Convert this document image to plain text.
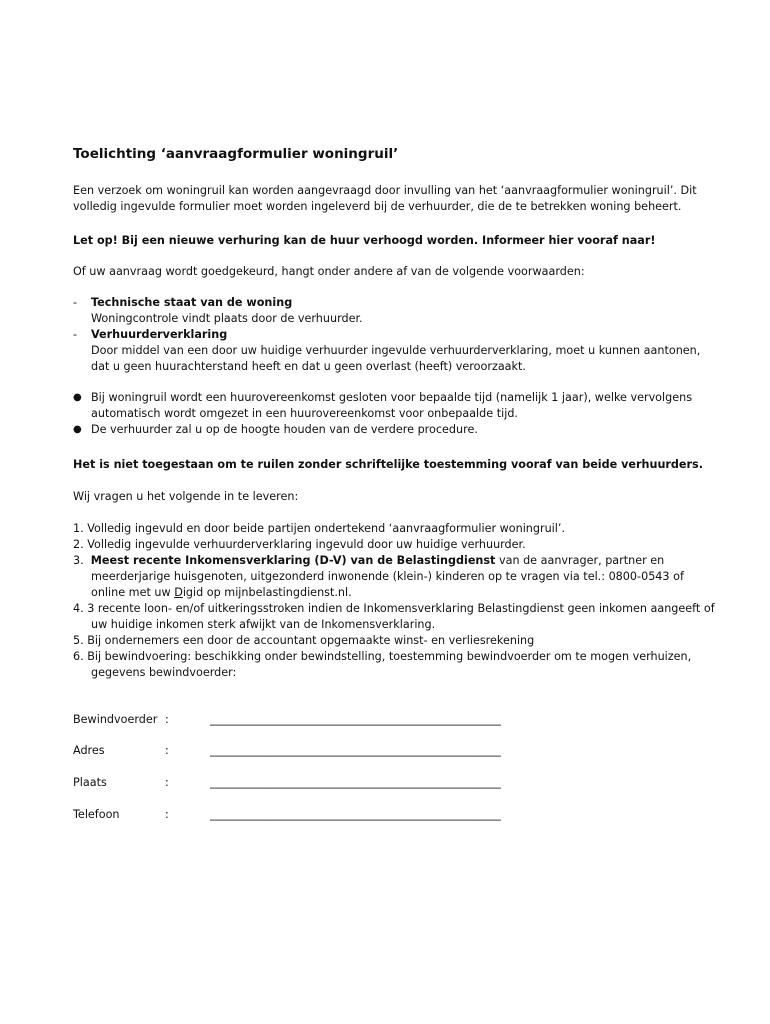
Toelichting ‘aanvraagformulier woningruil’
Een verzoek om woningruil kan worden aangevraagd door invulling van het ‘aanvraagformulier woningruil’. Dit
volledig ingevulde formulier moet worden ingeleverd bij de verhuurder, die de te betrekken woning beheert.
Let op! Bij een nieuwe verhuring kan de huur verhoogd worden. Informeer hier vooraf naar!
Of uw aanvraag wordt goedgekeurd, hangt onder andere af van de volgende voorwaarden:
- Technische staat van de woning
Woningcontrole vindt plaats door de verhuurder.
- Verhuurderverklaring
Door middel van een door uw huidige verhuurder ingevulde verhuurderverklaring, moet u kunnen aantonen,
dat u geen huurachterstand heeft en dat u geen overlast (heeft) veroorzaakt.
● Bij woningruil wordt een huurovereenkomst gesloten voor bepaalde tijd (namelijk 1 jaar), welke vervolgens
automatisch wordt omgezet in een huurovereenkomst voor onbepaalde tijd.
● De verhuurder zal u op de hoogte houden van de verdere procedure.
Het is niet toegestaan om te ruilen zonder schriftelijke toestemming vooraf van beide verhuurders.
Wij vragen u het volgende in te leveren:
1. Volledig ingevuld en door beide partijen ondertekend ‘aanvraagformulier woningruil’.
2. Volledig ingevulde verhuurderverklaring ingevuld door uw huidige verhuurder.
3.  Meest recente Inkomensverklaring (D-V) van de Belastingdienst van de aanvrager, partner en
meerderjarige huisgenoten, uitgezonderd inwonende (klein-) kinderen op te vragen via tel.: 0800-0543 of
online met uw Digid op mijnbelastingdienst.nl.
4. 3 recente loon- en/of uitkeringsstroken indien de Inkomensverklaring Belastingdienst geen inkomen aangeeft of
uw huidige inkomen sterk afwijkt van de Inkomensverklaring.
5. Bij ondernemers een door de accountant opgemaakte winst- en verliesrekening
6. Bij bewindvoering: beschikking onder bewindstelling, toestemming bewindvoerder om te mogen verhuizen,
gegevens bewindvoerder:
Bewindvoerder :	____________________________________________________
Adres	:	____________________________________________________
Plaats	:	____________________________________________________
Telefoon	:	____________________________________________________
